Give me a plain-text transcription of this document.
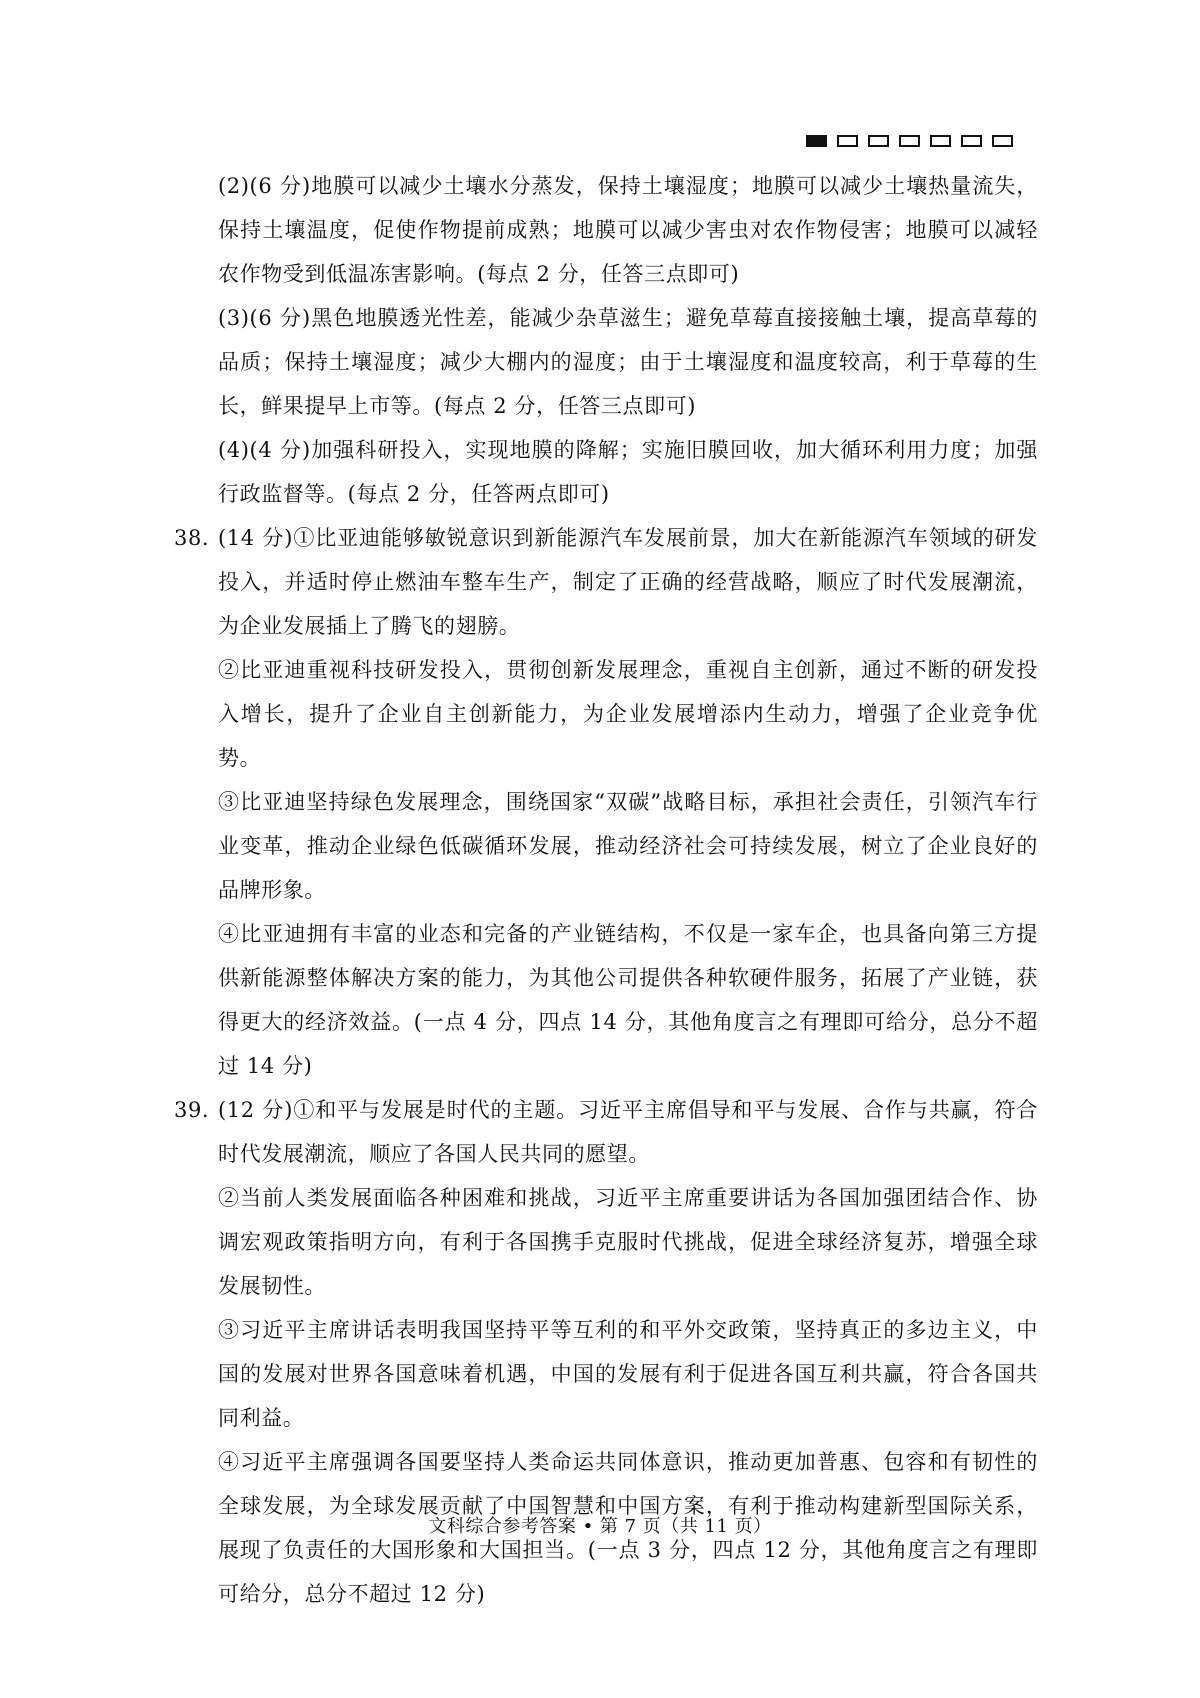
(2)(6 分)地膜可以减少土壤水分蒸发，保持土壤湿度；地膜可以减少土壤热量流失，保持土壤温度，促使作物提前成熟；地膜可以减少害虫对农作物侵害；地膜可以减轻农作物受到低温冻害影响。(每点 2 分，任答三点即可)
(3)(6 分)黑色地膜透光性差，能减少杂草滋生；避免草莓直接接触土壤，提高草莓的品质；保持土壤湿度；减少大棚内的湿度；由于土壤湿度和温度较高，利于草莓的生长，鲜果提早上市等。(每点 2 分，任答三点即可)
(4)(4 分)加强科研投入，实现地膜的降解；实施旧膜回收，加大循环利用力度；加强行政监督等。(每点 2 分，任答两点即可)
38. (14 分)①比亚迪能够敏锐意识到新能源汽车发展前景，加大在新能源汽车领域的研发投入，并适时停止燃油车整车生产，制定了正确的经营战略，顺应了时代发展潮流，为企业发展插上了腾飞的翅膀。
②比亚迪重视科技研发投入，贯彻创新发展理念，重视自主创新，通过不断的研发投入增长，提升了企业自主创新能力，为企业发展增添内生动力，增强了企业竞争优势。
③比亚迪坚持绿色发展理念，围绕国家“双碳”战略目标，承担社会责任，引领汽车行业变革，推动企业绿色低碳循环发展，推动经济社会可持续发展，树立了企业良好的品牌形象。
④比亚迪拥有丰富的业态和完备的产业链结构，不仅是一家车企，也具备向第三方提供新能源整体解决方案的能力，为其他公司提供各种软硬件服务，拓展了产业链，获得更大的经济效益。(一点 4 分，四点 14 分，其他角度言之有理即可给分，总分不超过 14 分)
39. (12 分)①和平与发展是时代的主题。习近平主席倡导和平与发展、合作与共赢，符合时代发展潮流，顺应了各国人民共同的愿望。
②当前人类发展面临各种困难和挑战，习近平主席重要讲话为各国加强团结合作、协调宏观政策指明方向，有利于各国携手克服时代挑战，促进全球经济复苏，增强全球发展韧性。
③习近平主席讲话表明我国坚持平等互利的和平外交政策，坚持真正的多边主义，中国的发展对世界各国意味着机遇，中国的发展有利于促进各国互利共赢，符合各国共同利益。
④习近平主席强调各国要坚持人类命运共同体意识，推动更加普惠、包容和有韧性的全球发展，为全球发展贡献了中国智慧和中国方案，有利于推动构建新型国际关系，展现了负责任的大国形象和大国担当。(一点 3 分，四点 12 分，其他角度言之有理即可给分，总分不超过 12 分)
文科综合参考答案 • 第 7 页（共 11 页）
